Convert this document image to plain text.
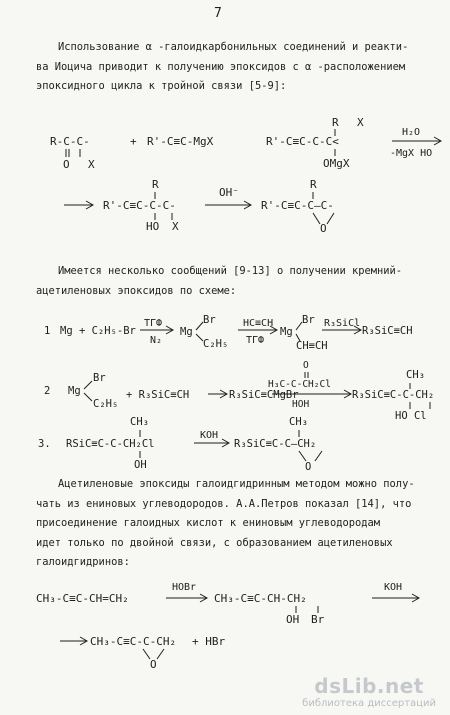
7
Использование α -галоидкарбонильных соединений и реакти-
ва Иоцича приводит к получению эпоксидов с α -расположением
эпоксидного цикла к тройной связи [5-9]:
Имеется несколько сообщений [9-13] о получении кремний-
ацетиленовых эпоксидов по схеме:
Ацетиленовые эпоксиды галоидгидринным методом можно полу-
чать из ениновых углеводородов. А.А.Петров показал [14], что
присоединение галоидных кислот к ениновым углеводородам
идет только по двойной связи, с образованием ацетиленовых
галоидгидринов:
R-C-C-
O X
+ R'-C≡C-MgX	R'-C≡C-C-C<
R X
OMgX
H₂O
-MgX HO
R'-C≡C-C-C-
R
HO X
OH⁻
R'-C≡C-C—C-
R
O
1 Mg + C₂H₅-Br
ТГФ
N₂
Mg
Br
C₂H₅
HC≡CH
ТГФ
Mg
Br
CH≡CH
R₃SiCl
R₃SiC≡CH
2 Mg
Br
C₂H₅
+ R₃SiC≡CH	R₃SiC≡CMgBr
O
H₃C-C-CH₂Cl
HOH
R₃SiC≡C-C-CH₂
CH₃
HO Cl
3. RSiC≡C-C-CH₂Cl
CH₃
OH
KOH
R₃SiC≡C-C—CH₂
CH₃
O
CH₃-C≡C-CH=CH₂
HOBr
CH₃-C≡C-CH-CH₂
OH Br
KOH
CH₃-C≡C-C-CH₂
O
+ HBr
dsLib.net
библиотека диссертаций
